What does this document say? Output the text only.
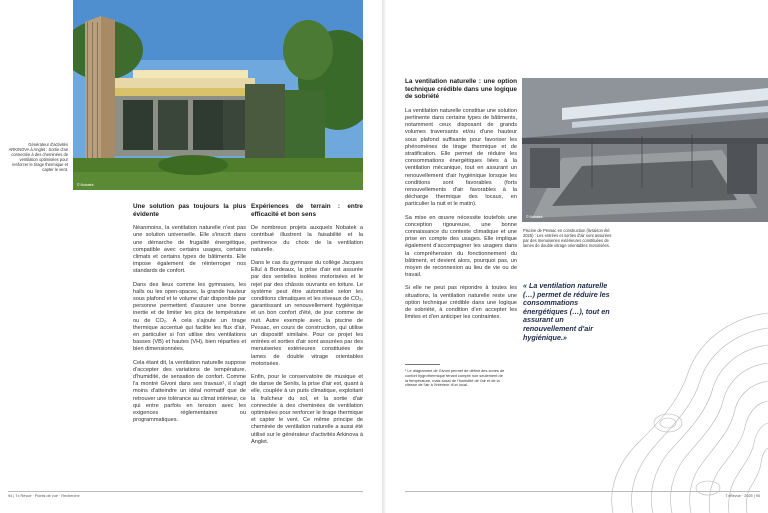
© Nobatek
Générateur d'activités ARKINOVA à Anglet : Sortie d'air connectée à des cheminées de ventilation optimisées pour renforcer le tirage thermique et capter le vent.
Une solution pas toujours la plus évidente

Néanmoins, la ventilation naturelle n'est pas une solution universelle. Elle s'inscrit dans une démarche de frugalité énergétique, compatible avec certains usages, certains climats et certains types de bâtiments. Elle impose également de réinterroger nos standards de confort.

Dans des lieux comme les gymnases, les halls ou les open-spaces, la grande hauteur sous plafond et le volume d'air disponible par personne permettent d'assurer une bonne inertie et de limiter les pics de température ou de CO₂. À cela s'ajoute un tirage thermique accentué qui facilite les flux d'air, en particulier si l'on utilise des ventilations basses (VB) et hautes (VH), bien réparties et bien dimensionnées.

Cela étant dit, la ventilation naturelle suppose d'accepter des variations de température, d'humidité, de sensation de confort. Comme l'a montré Givoni dans ses travaux¹, il s'agit moins d'atteindre un idéal normatif que de retrouver une tolérance au climat intérieur, ce qui entre parfois en tension avec les exigences réglementaires ou programmatiques.

Expériences de terrain : entre efficacité et bon sens

De nombreux projets auxquels Nobatek a contribué illustrent la faisabilité et la pertinence du choix de la ventilation naturelle.

Dans le cas du gymnase du collège Jacques Ellul à Bordeaux, la prise d'air est assurée par des ventelles isolées motorisées et le rejet par des châssis ouvrants en toiture. Le système peut être automatisé selon les conditions climatiques et les niveaux de CO₂, garantissant un renouvellement hygiénique et un bon confort d'été, de jour comme de nuit. Autre exemple avec la piscine de Pessac, en cours de construction, qui utilise un dispositif similaire. Pour ce projet les entrées et sorties d'air sont assurées par des menuiseries extérieures constituées de lames de double vitrage orientables motorisées.

Enfin, pour le conservatoire de musique et de danse de Senlis, la prise d'air est, quant à elle, couplée à un puits climatique, exploitant la fraîcheur du sol, et la sortie d'air connectée à des cheminées de ventilation optimisées pour renforcer le tirage thermique et capter le vent. Ce même principe de cheminée de ventilation naturelle a aussi été utilisé sur le générateur d'activités Arkinova à Anglet.

94 | Tx Revue · Points de vue · Recherche
La ventilation naturelle : une option technique crédible dans une logique de sobriété

La ventilation naturelle constitue une solution pertinente dans certains types de bâtiments, notamment ceux disposant de grands volumes traversants et/ou d'une hauteur sous plafond suffisante pour favoriser les phénomènes de tirage thermique et de stratification. Elle permet de réduire les consommations énergétiques liées à la ventilation mécanique, tout en assurant un renouvellement d'air hygiénique lorsque les conditions sont favorables (forts renouvellements d'air favorables à la décharge thermique des locaux, en particulier la nuit et le matin).

Sa mise en œuvre nécessite toutefois une conception rigoureuse, une bonne connaissance du contexte climatique et une prise en compte des usages. Elle implique également d'accompagner les usagers dans la compréhension du fonctionnement du bâtiment, et devient alors, pourquoi pas, un moyen de reconnexion au lieu de vie ou de travail.

Si elle ne peut pas répondre à toutes les situations, la ventilation naturelle reste une option technique crédible dans une logique de sobriété, à condition d'en accepter les limites et d'en anticiper les contraintes.

¹ Le diagramme de Givoni permet de définir des zones de confort hygrothermique tenant compte non seulement de la température, mais aussi de l'humidité de l'air et de la vitesse de l'air à l'intérieur d'un local.
© Nobatek
Piscine de Pessac en construction (livraison été 2025) : Les entrées et sorties d'air sont assurées par des menuiseries extérieures constituées de lames de double vitrage orientables motorisées.
« La ventilation naturelle (…) permet de réduire les consommations énergétiques (…), tout en assurant un renouvellement d'air hygiénique.»
TxRevue · 2025 | 95
